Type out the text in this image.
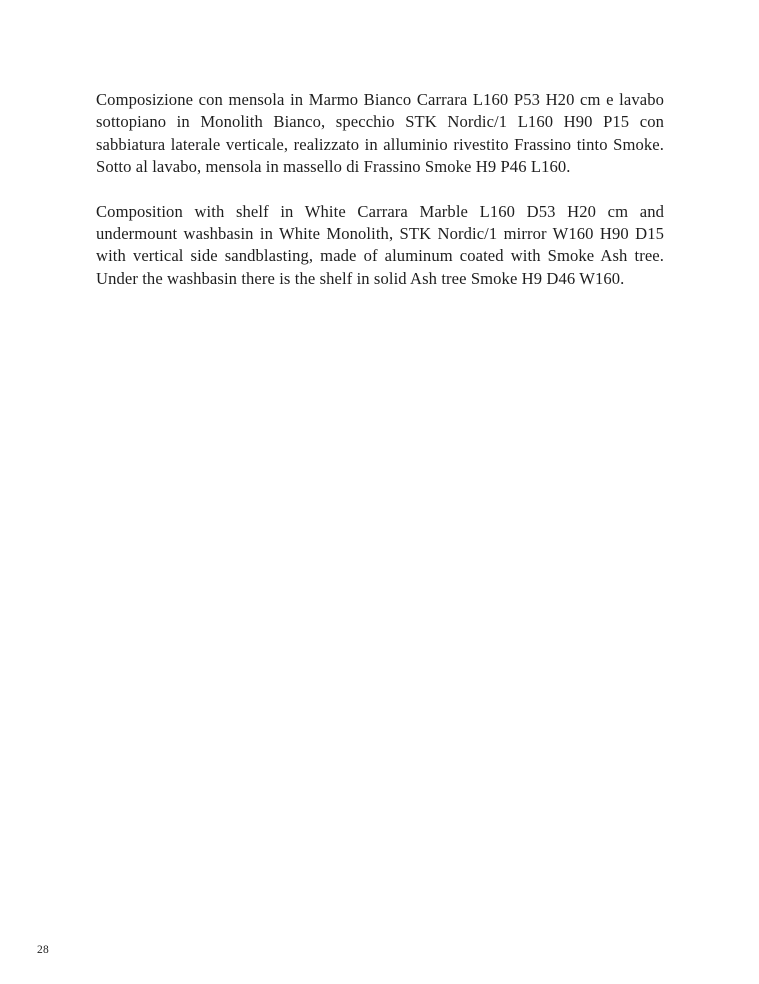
Composizione con mensola in Marmo Bianco Carrara L160 P53 H20 cm e lavabo sottopiano in Monolith Bianco, specchio STK Nordic/1 L160 H90 P15 con sabbiatura laterale verticale, realizzato in alluminio rivestito Frassino tinto Smoke. Sotto al lavabo, mensola in massello di Frassino Smoke H9 P46 L160.

Composition with shelf in White Carrara Marble L160 D53 H20 cm and undermount washbasin in White Monolith, STK Nordic/1 mirror W160 H90 D15 with vertical side sandblasting, made of aluminum coated with Smoke Ash tree. Under the washbasin there is the shelf in solid Ash tree Smoke H9 D46 W160.

28
